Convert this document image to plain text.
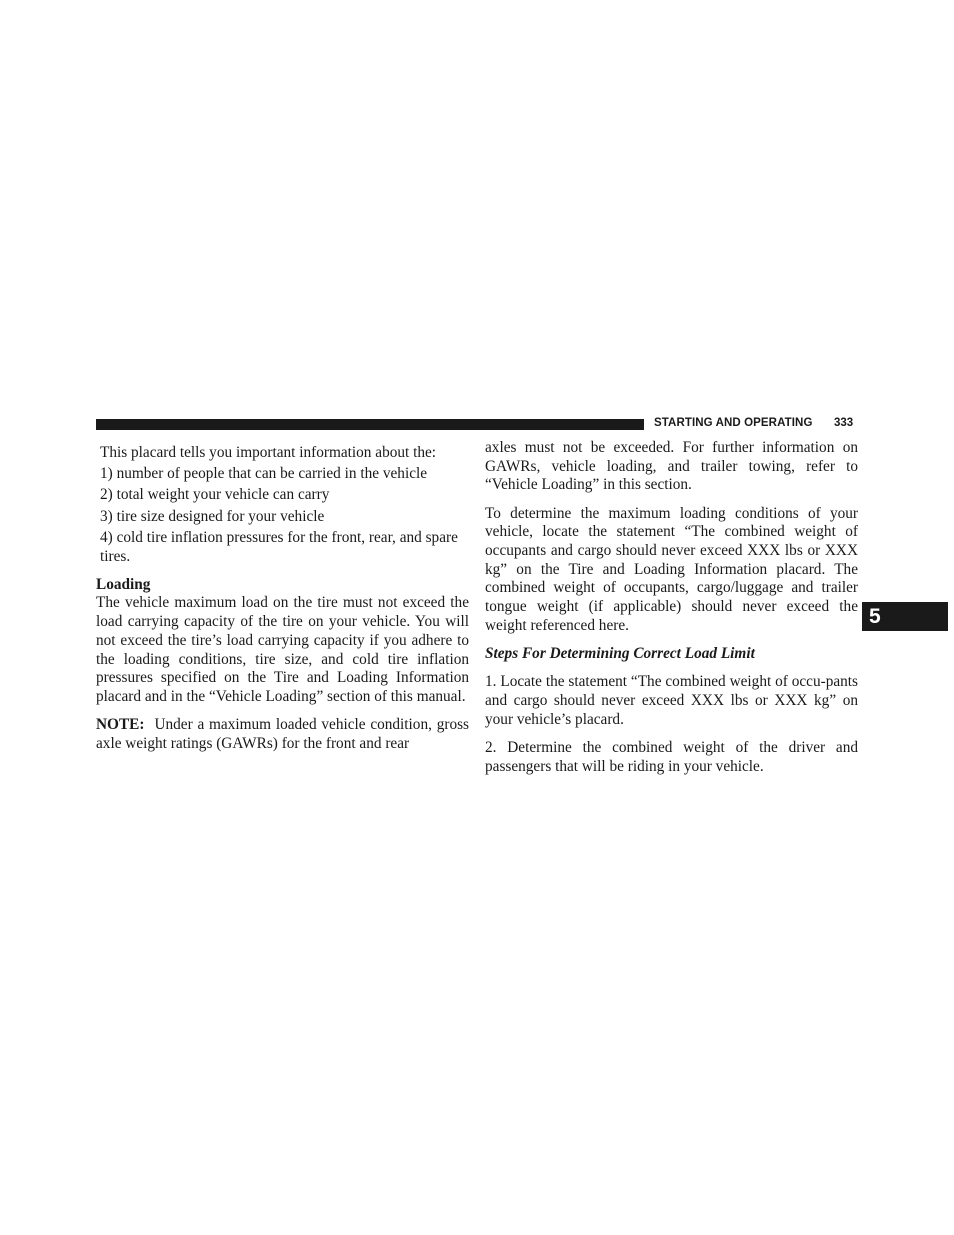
STARTING AND OPERATING 333
5

This placard tells you important information about the:

1) number of people that can be carried in the vehicle

2) total weight your vehicle can carry

3) tire size designed for your vehicle

4) cold tire inflation pressures for the front, rear, and spare tires.

Loading

The vehicle maximum load on the tire must not exceed the load carrying capacity of the tire on your vehicle. You will not exceed the tire’s load carrying capacity if you adhere to the loading conditions, tire size, and cold tire inflation pressures specified on the Tire and Loading Information placard and in the “Vehicle Loading” section of this manual.

NOTE: Under a maximum loaded vehicle condition, gross axle weight ratings (GAWRs) for the front and rear

axles must not be exceeded. For further information on GAWRs, vehicle loading, and trailer towing, refer to “Vehicle Loading” in this section.

To determine the maximum loading conditions of your vehicle, locate the statement “The combined weight of occupants and cargo should never exceed XXX lbs or XXX kg” on the Tire and Loading Information placard. The combined weight of occupants, cargo/luggage and trailer tongue weight (if applicable) should never exceed the weight referenced here.

Steps For Determining Correct Load Limit

1. Locate the statement “The combined weight of occu-pants and cargo should never exceed XXX lbs or XXX kg” on your vehicle’s placard.

2. Determine the combined weight of the driver and passengers that will be riding in your vehicle.
